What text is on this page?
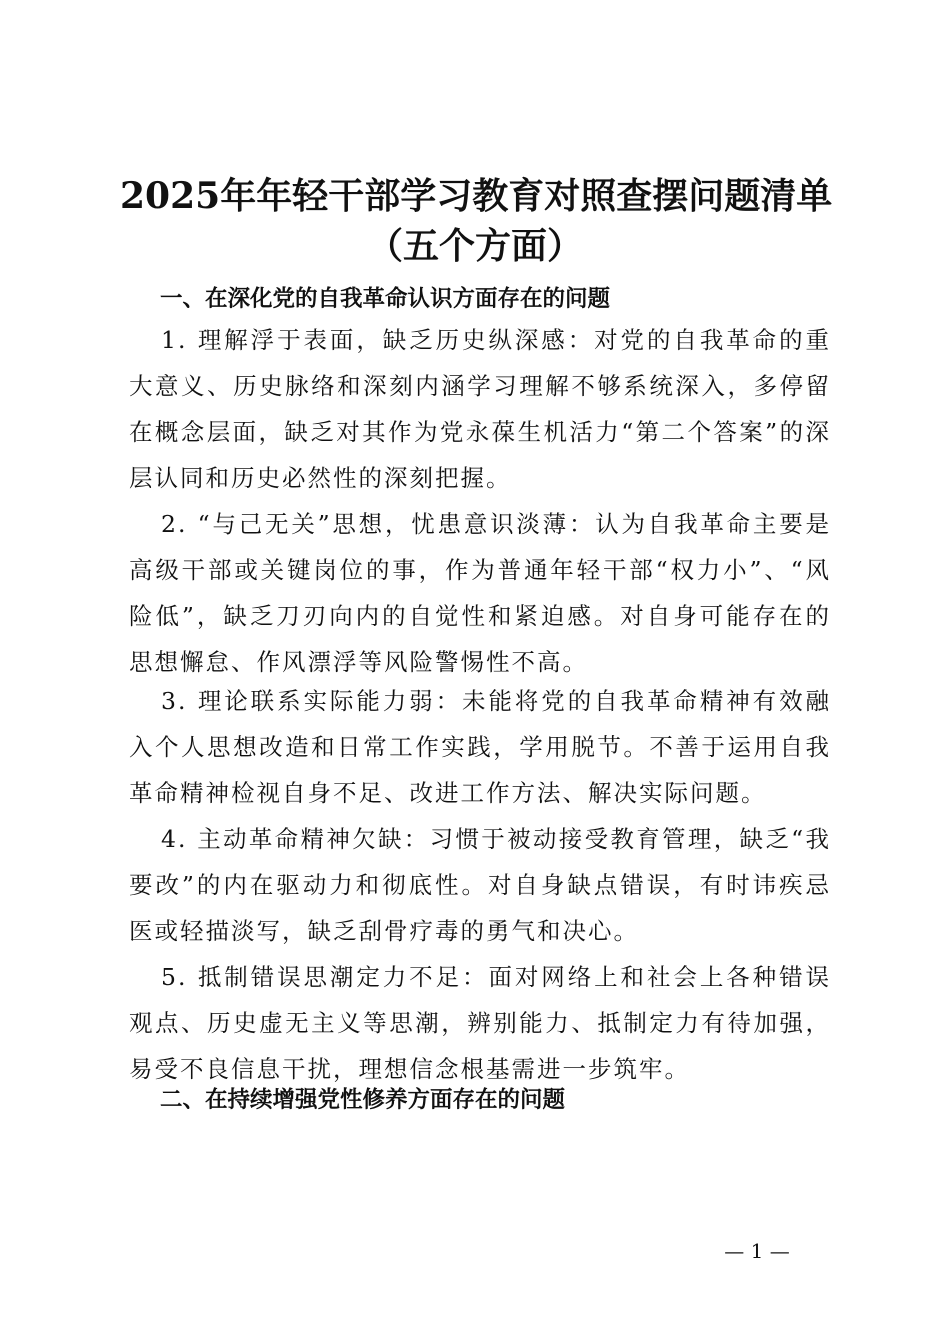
2025年年轻干部学习教育对照查摆问题清单
（五个方面）
一、在深化党的自我革命认识方面存在的问题
1. 理解浮于表面，缺乏历史纵深感：对党的自我革命的重大意义、历史脉络和深刻内涵学习理解不够系统深入，多停留在概念层面，缺乏对其作为党永葆生机活力“第二个答案”的深层认同和历史必然性的深刻把握。
2. “与己无关”思想，忧患意识淡薄：认为自我革命主要是高级干部或关键岗位的事，作为普通年轻干部“权力小”、“风险低”，缺乏刀刃向内的自觉性和紧迫感。对自身可能存在的思想懈怠、作风漂浮等风险警惕性不高。
3. 理论联系实际能力弱：未能将党的自我革命精神有效融入个人思想改造和日常工作实践，学用脱节。不善于运用自我革命精神检视自身不足、改进工作方法、解决实际问题。
4. 主动革命精神欠缺：习惯于被动接受教育管理，缺乏“我要改”的内在驱动力和彻底性。对自身缺点错误，有时讳疾忌医或轻描淡写，缺乏刮骨疗毒的勇气和决心。
5. 抵制错误思潮定力不足：面对网络上和社会上各种错误观点、历史虚无主义等思潮，辨别能力、抵制定力有待加强，易受不良信息干扰，理想信念根基需进一步筑牢。
二、在持续增强党性修养方面存在的问题
— 1 —
